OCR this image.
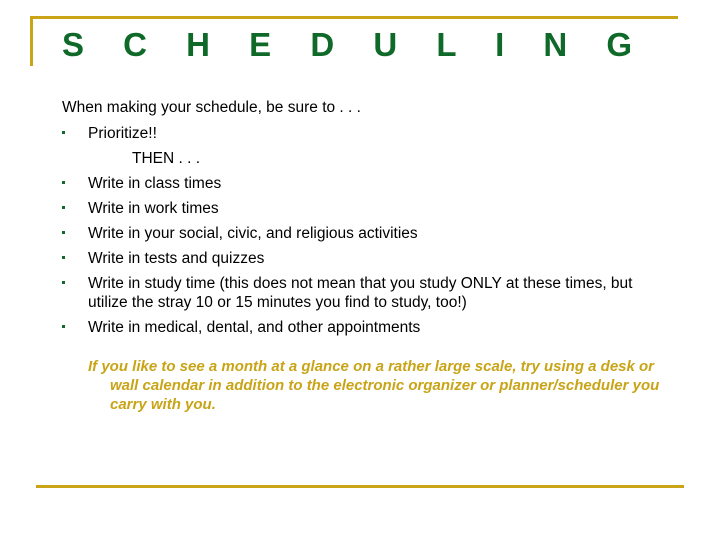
S C H E D U L I N G

When making your schedule, be sure to . . .

Prioritize!!
THEN . . .
Write in class times
Write in work times
Write in your social, civic, and religious activities
Write in tests and quizzes
Write in study time (this does not mean that you study ONLY at these times, but utilize the stray 10 or 15 minutes you find to study, too!)
Write in medical, dental, and other appointments
If you like to see a month at a glance on a rather large scale, try using a desk or wall calendar in addition to the electronic organizer or planner/scheduler you carry with you.
